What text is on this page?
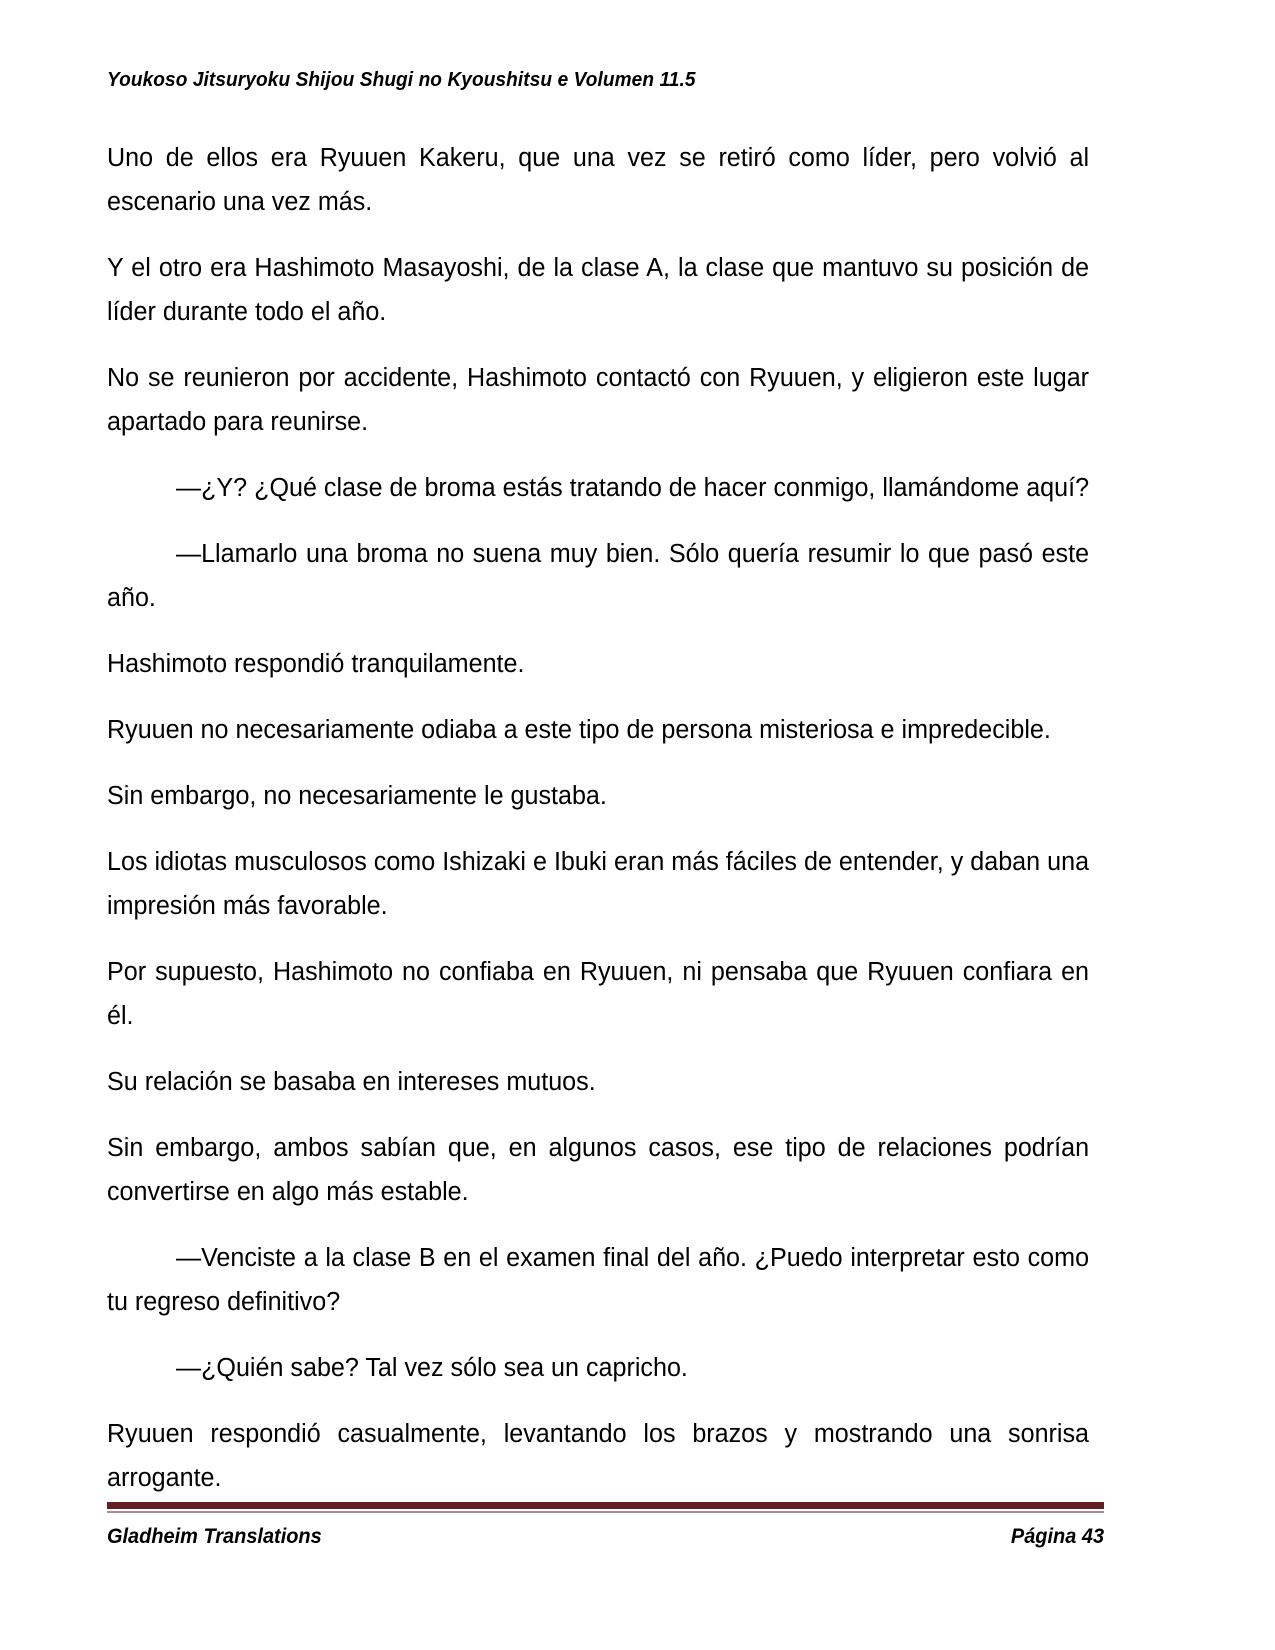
Youkoso Jitsuryoku Shijou Shugi no Kyoushitsu e Volumen 11.5

Uno de ellos era Ryuuen Kakeru, que una vez se retiró como líder, pero volvió al escenario una vez más.

Y el otro era Hashimoto Masayoshi, de la clase A, la clase que mantuvo su posición de líder durante todo el año.

No se reunieron por accidente, Hashimoto contactó con Ryuuen, y eligieron este lugar apartado para reunirse.

—¿Y? ¿Qué clase de broma estás tratando de hacer conmigo, llamándome aquí?

—Llamarlo una broma no suena muy bien. Sólo quería resumir lo que pasó este año.

Hashimoto respondió tranquilamente.

Ryuuen no necesariamente odiaba a este tipo de persona misteriosa e impredecible.

Sin embargo, no necesariamente le gustaba.

Los idiotas musculosos como Ishizaki e Ibuki eran más fáciles de entender, y daban una impresión más favorable.

Por supuesto, Hashimoto no confiaba en Ryuuen, ni pensaba que Ryuuen confiara en él.

Su relación se basaba en intereses mutuos.

Sin embargo, ambos sabían que, en algunos casos, ese tipo de relaciones podrían convertirse en algo más estable.

—Venciste a la clase B en el examen final del año. ¿Puedo interpretar esto como tu regreso definitivo?

—¿Quién sabe? Tal vez sólo sea un capricho.

Ryuuen respondió casualmente, levantando los brazos y mostrando una sonrisa arrogante.

Gladheim Translations	Página 43
